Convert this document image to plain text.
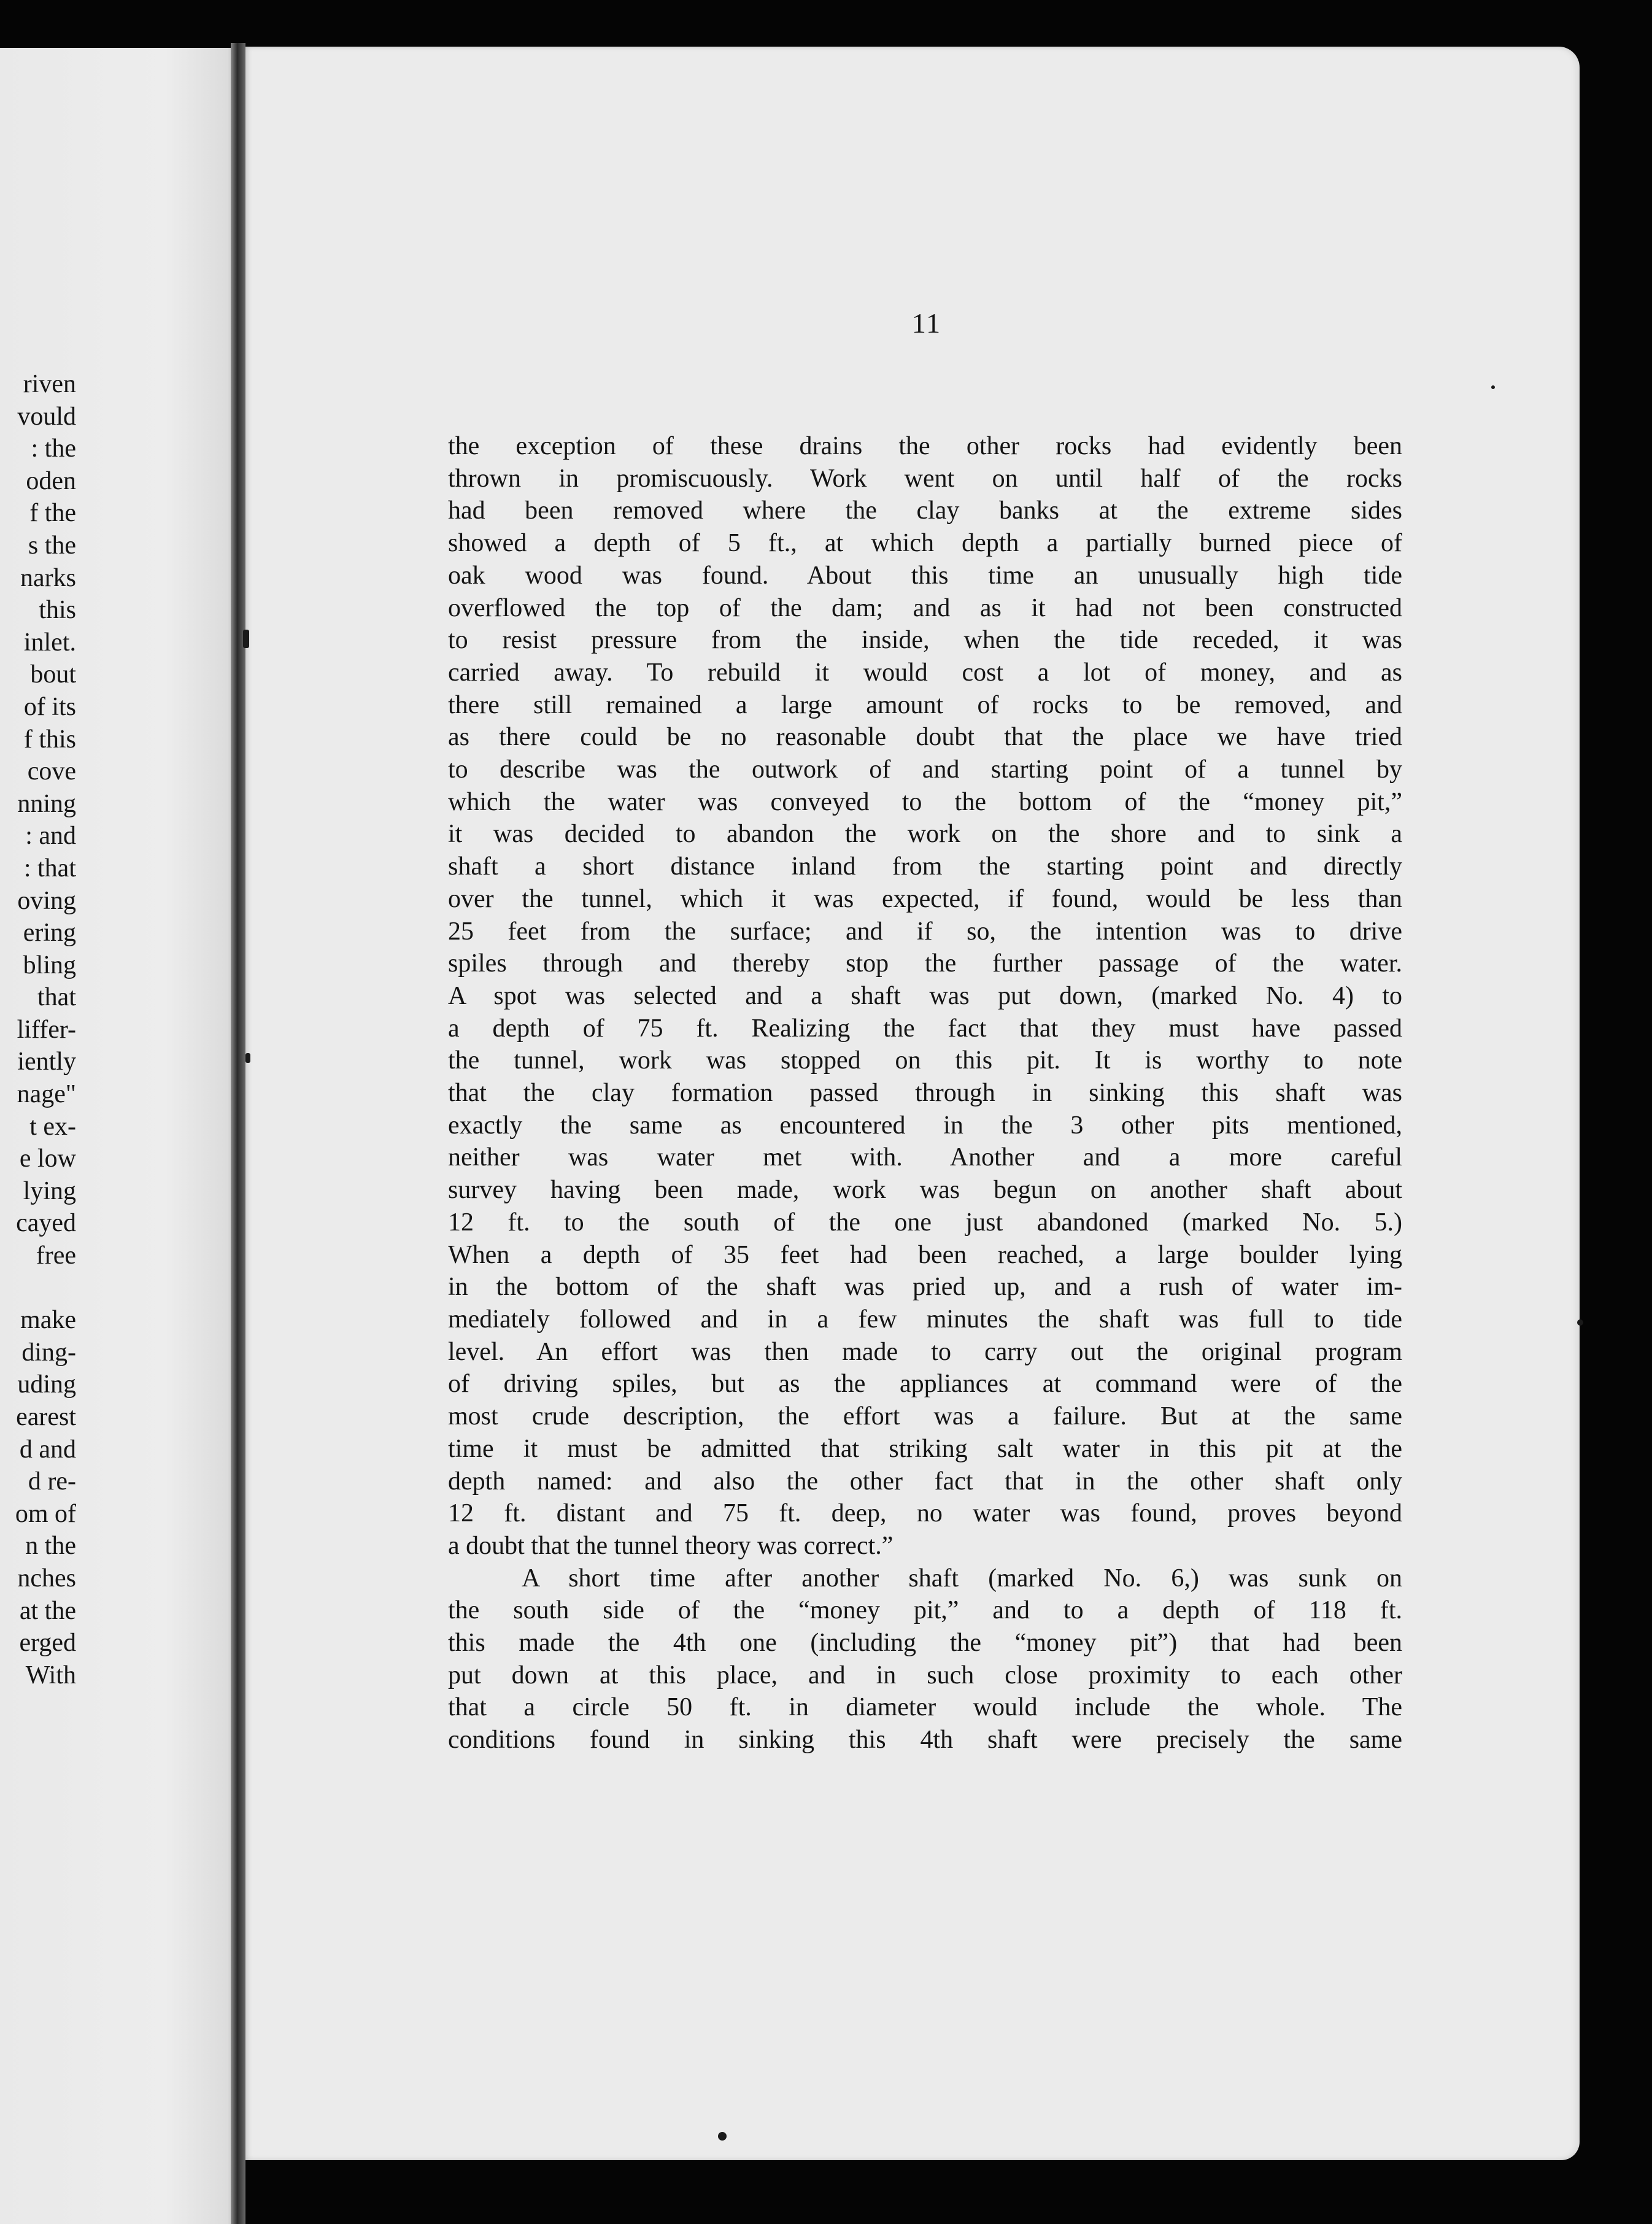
riven
vould
: the
oden
f the
s the
narks
this
inlet.
bout
of its
f this
cove
nning
: and
: that
oving
ering
bling
that
liffer-
iently
nage"
t ex-
e low
lying
cayed
free
make
ding-
uding
earest
d and
d re-
om of
n the
nches
at the
erged
With
11
the exception of these drains the other rocks had evidently been
thrown in promiscuously. Work went on until half of the rocks
had been removed where the clay banks at the extreme sides
showed a depth of 5 ft., at which depth a partially burned piece of
oak wood was found. About this time an unusually high tide
overflowed the top of the dam; and as it had not been constructed
to resist pressure from the inside, when the tide receded, it was
carried away. To rebuild it would cost a lot of money, and as
there still remained a large amount of rocks to be removed, and
as there could be no reasonable doubt that the place we have tried
to describe was the outwork of and starting point of a tunnel by
which the water was conveyed to the bottom of the “money pit,”
it was decided to abandon the work on the shore and to sink a
shaft a short distance inland from the starting point and directly
over the tunnel, which it was expected, if found, would be less than
25 feet from the surface; and if so, the intention was to drive
spiles through and thereby stop the further passage of the water.
A spot was selected and a shaft was put down, (marked No. 4) to
a depth of 75 ft. Realizing the fact that they must have passed
the tunnel, work was stopped on this pit. It is worthy to note
that the clay formation passed through in sinking this shaft was
exactly the same as encountered in the 3 other pits mentioned,
neither was water met with. Another and a more careful
survey having been made, work was begun on another shaft about
12 ft. to the south of the one just abandoned (marked No. 5.)
When a depth of 35 feet had been reached, a large boulder lying
in the bottom of the shaft was pried up, and a rush of water im-
mediately followed and in a few minutes the shaft was full to tide
level. An effort was then made to carry out the original program
of driving spiles, but as the appliances at command were of the
most crude description, the effort was a failure. But at the same
time it must be admitted that striking salt water in this pit at the
depth named: and also the other fact that in the other shaft only
12 ft. distant and 75 ft. deep, no water was found, proves beyond
a doubt that the tunnel theory was correct.”
A short time after another shaft (marked No. 6,) was sunk on
the south side of the “money pit,” and to a depth of 118 ft.
this made the 4th one (including the “money pit”) that had been
put down at this place, and in such close proximity to each other
that a circle 50 ft. in diameter would include the whole. The
conditions found in sinking this 4th shaft were precisely the same
